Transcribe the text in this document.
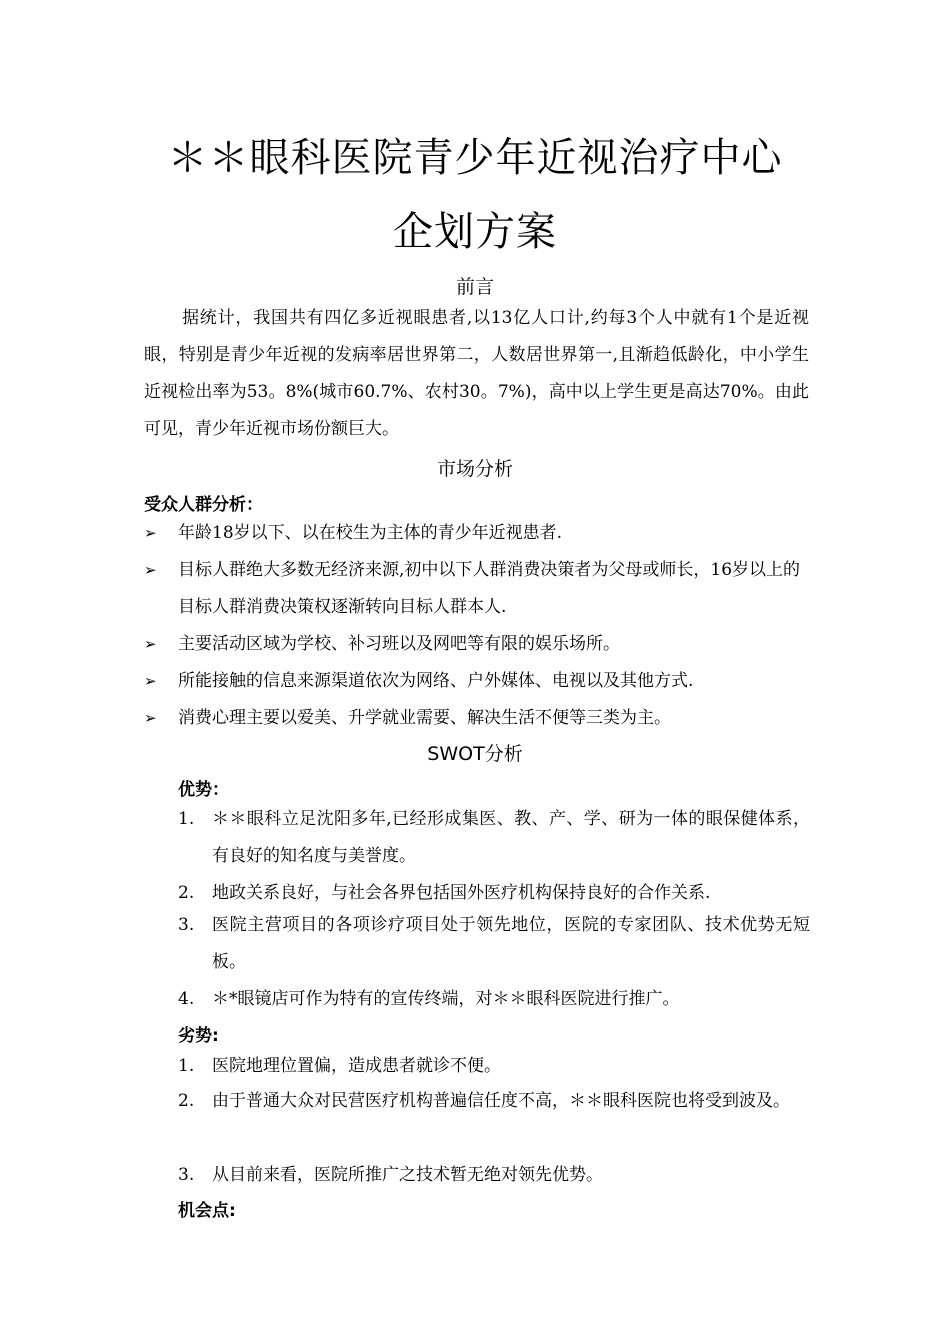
＊＊眼科医院青少年近视治疗中心
企划方案
前言
据统计，我国共有四亿多近视眼患者,以13亿人口计,约每3个人中就有1个是近视眼，特别是青少年近视的发病率居世界第二，人数居世界第一,且渐趋低龄化，中小学生近视检出率为53。8%(城市60.7%、农村30。7%)，高中以上学生更是高达70%。由此可见，青少年近视市场份额巨大。
市场分析
受众人群分析：
➢	年龄18岁以下、以在校生为主体的青少年近视患者.
➢	目标人群绝大多数无经济来源,初中以下人群消费决策者为父母或师长，16岁以上的目标人群消费决策权逐渐转向目标人群本人.
➢	主要活动区域为学校、补习班以及网吧等有限的娱乐场所。
➢	所能接触的信息来源渠道依次为网络、户外媒体、电视以及其他方式.
➢	消费心理主要以爱美、升学就业需要、解决生活不便等三类为主。
SWOT分析
优势：
1. ＊＊眼科立足沈阳多年,已经形成集医、教、产、学、研为一体的眼保健体系，有良好的知名度与美誉度。
2. 地政关系良好，与社会各界包括国外医疗机构保持良好的合作关系.
3. 医院主营项目的各项诊疗项目处于领先地位，医院的专家团队、技术优势无短板。
4. ＊*眼镜店可作为特有的宣传终端，对＊＊眼科医院进行推广。
劣势:
1. 医院地理位置偏，造成患者就诊不便。
2. 由于普通大众对民营医疗机构普遍信任度不高，＊＊眼科医院也将受到波及。
3. 从目前来看，医院所推广之技术暂无绝对领先优势。
机会点:
